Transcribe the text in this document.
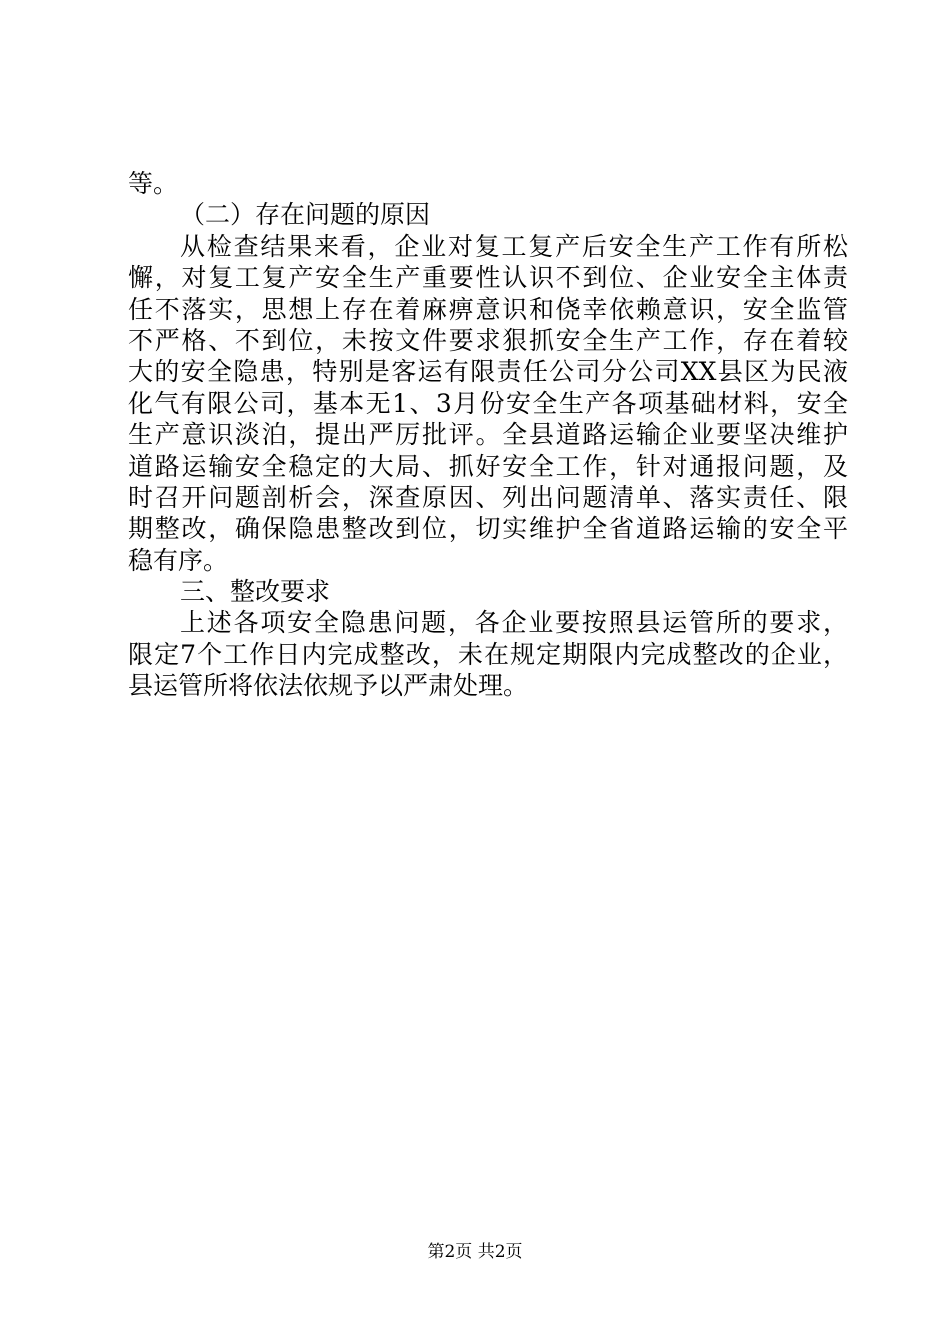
等。
（二）存在问题的原因
从检查结果来看，企业对复工复产后安全生产工作有所松
懈，对复工复产安全生产重要性认识不到位、企业安全主体责
任不落实，思想上存在着麻痹意识和侥幸依赖意识，安全监管
不严格、不到位，未按文件要求狠抓安全生产工作，存在着较
大的安全隐患，特别是客运有限责任公司分公司XX县区为民液
化气有限公司，基本无1、3月份安全生产各项基础材料，安全
生产意识淡泊，提出严厉批评。全县道路运输企业要坚决维护
道路运输安全稳定的大局、抓好安全工作，针对通报问题，及
时召开问题剖析会，深查原因、列出问题清单、落实责任、限
期整改，确保隐患整改到位，切实维护全省道路运输的安全平
稳有序。
三、整改要求
上述各项安全隐患问题，各企业要按照县运管所的要求，
限定7个工作日内完成整改，未在规定期限内完成整改的企业，
县运管所将依法依规予以严肃处理。
第2页 共2页
